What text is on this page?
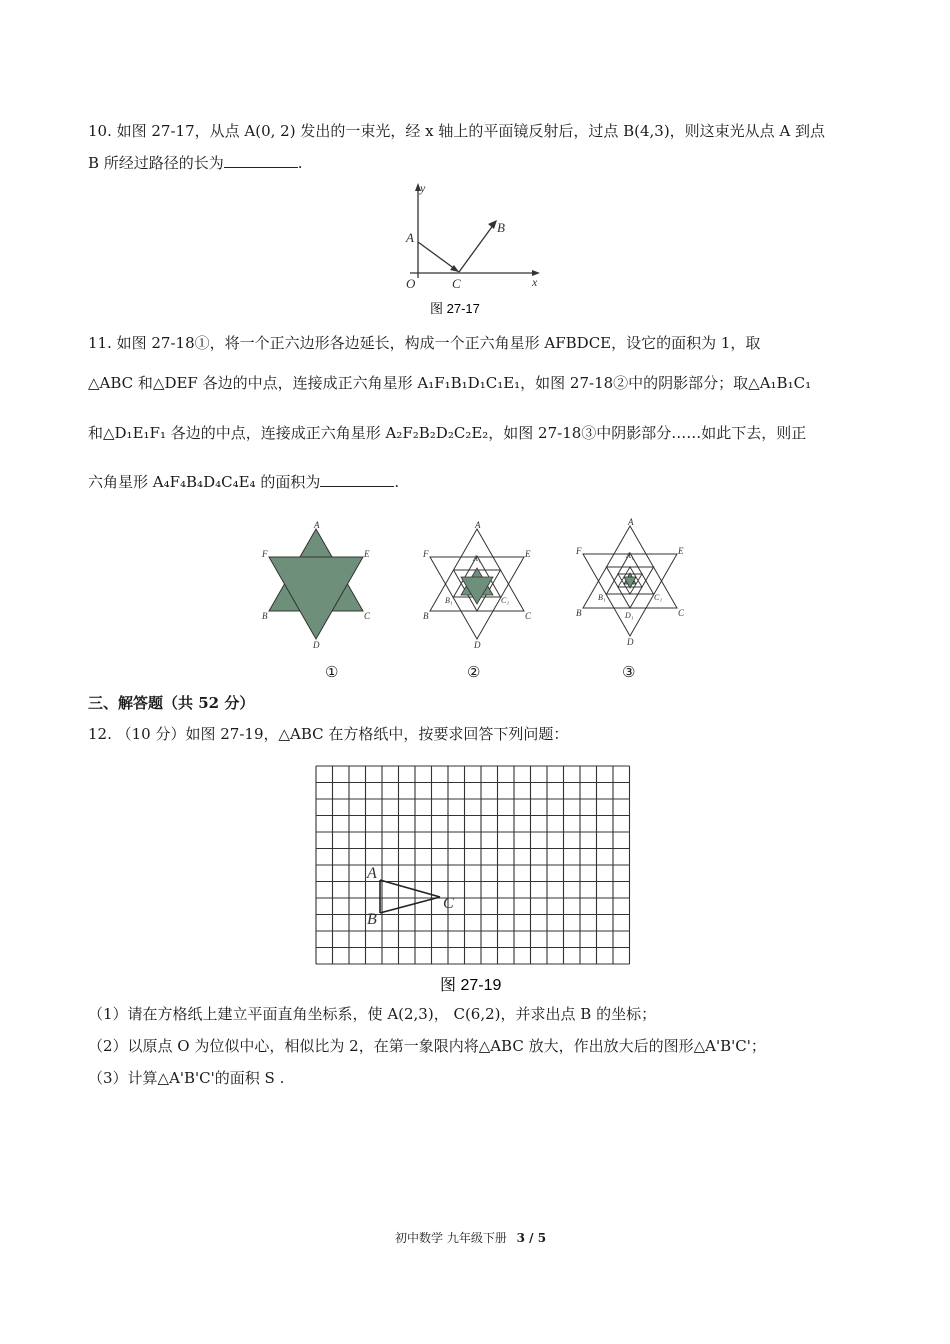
10. 如图 27-17，从点 A(0, 2) 发出的一束光，经 x 轴上的平面镜反射后，过点 B(4,3)，则这束光从点 A 到点
B 所经过路径的长为	.
y
x
A
B
O	C
图 27-17
11. 如图 27-18①，将一个正六边形各边延长，构成一个正六角星形 AFBDCE，设它的面积为 1，取
△ABC 和△DEF 各边的中点，连接成正六角星形 A₁F₁B₁D₁C₁E₁，如图 27-18②中的阴影部分；取△A₁B₁C₁
和△D₁E₁F₁ 各边的中点，连接成正六角星形 A₂F₂B₂D₂C₂E₂，如图 27-18③中阴影部分……如此下去，则正
六角星形 A₄F₄B₄D₄C₄E₄ 的面积为	.
A
B	C
D
E
F
A
A₁
B	C
D
E
F
B₁	C₁
A
A₁
B	C
D
E
F
B₁	C₁
D₁
①	②	③
三、解答题（共 52 分）
12. （10 分）如图 27-19，△ABC 在方格纸中，按要求回答下列问题：
A
B
C
图 27-19
（1）请在方格纸上建立平面直角坐标系，使 A(2,3)， C(6,2)，并求出点 B 的坐标；
（2）以原点 O 为位似中心，相似比为 2，在第一象限内将△ABC 放大，作出放大后的图形△A'B'C'；
（3）计算△A'B'C'的面积 S .
初中数学 九年级下册 3 / 5
